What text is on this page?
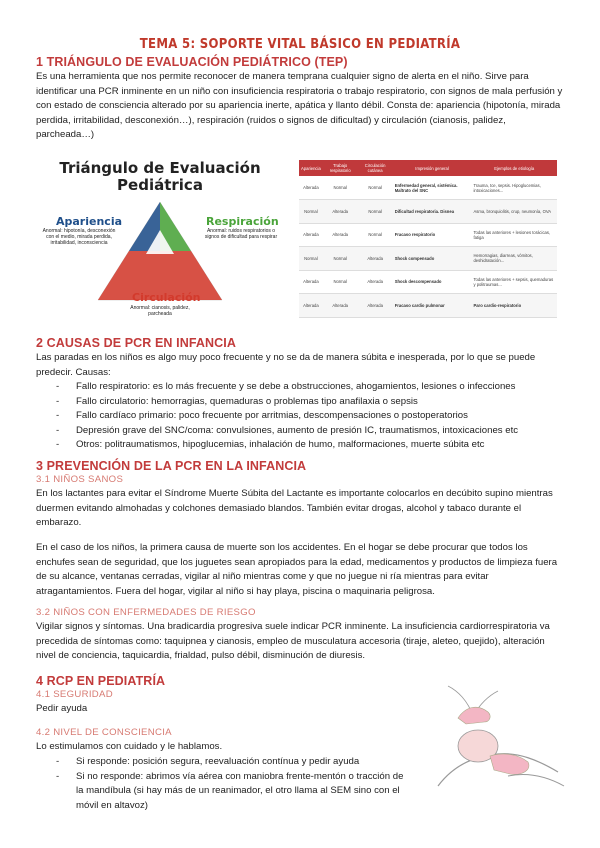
TEMA 5: SOPORTE VITAL BÁSICO EN PEDIATRÍA
1 TRIÁNGULO DE EVALUACIÓN PEDIÁTRICO (TEP)

Es una herramienta que nos permite reconocer de manera temprana cualquier signo de alerta en el niño. Sirve para identificar una PCR inminente en un niño con insuficiencia respiratoria o trabajo respiratorio, con signos de mala perfusión y con estado de consciencia alterado por su apariencia inerte, apática y llanto débil. Consta de: apariencia (hipotonía, mirada perdida, irritabilidad, desconexión…), respiración (ruidos o signos de dificultad) y circulación (cianosis, palidez, parcheada…)

Triángulo de Evaluación
Pediátrica
Apariencia
Anormal: hipotonía, desconexión con el medio, mirada perdida, irritabilidad, inconsciencia
Respiración
Anormal: ruidos respiratorios o signos de dificultad para respirar
Circulación
Anormal: cianosis, palidez, parcheada
Apariencia	Trabajo respiratorio	Circulación cutánea	Impresión general	Ejemplos de etiología
Alterada	Normal	Normal	Enfermedad general, sistémica. Maltrato del SNC	Trauma, tce, sepsis. Hipoglucemias, intoxicaciones...
Normal	Alterada	Normal	Dificultad respiratoria. Disnea	Asma, bronquiolitis, crup, neumonía, OVA
Alterada	Alterada	Normal	Fracaso respiratorio	Todas las anteriores + lesiones torácicas, fatiga
Normal	Normal	Alterada	Shock compensado	Hemorragias, diarreas, vómitos, deshidratación...
Alterada	Normal	Alterada	Shock descompensado	Todas las anteriores + sepsis, quemaduras y politraumas...
Alterada	Alterada	Alterada	Fracaso cardio pulmonar	Paro cardio-respiratorio
2 CAUSAS DE PCR EN INFANCIA

Las paradas en los niños es algo muy poco frecuente y no se da de manera súbita e inesperada, por lo que se puede predecir. Causas:

- Fallo respiratorio: es lo más frecuente y se debe a obstrucciones, ahogamientos, lesiones o infecciones
- Fallo circulatorio: hemorragias, quemaduras o problemas tipo anafilaxia o sepsis
- Fallo cardíaco primario: poco frecuente por arritmias, descompensaciones o postoperatorios
- Depresión grave del SNC/coma: convulsiones, aumento de presión IC, traumatismos, intoxicaciones etc
- Otros: politraumatismos, hipoglucemias, inhalación de humo, malformaciones, muerte súbita etc
3 PREVENCIÓN DE LA PCR EN LA INFANCIA
3.1 NIÑOS SANOS

En los lactantes para evitar el Síndrome Muerte Súbita del Lactante es importante colocarlos en decúbito supino mientras duermen evitando almohadas y colchones demasiado blandos. También evitar drogas, alcohol y tabaco durante el embarazo.

En el caso de los niños, la primera causa de muerte son los accidentes. En el hogar se debe procurar que todos los enchufes sean de seguridad, que los juguetes sean apropiados para la edad, medicamentos y productos de limpieza fuera de su alcance, ventanas cerradas, vigilar al niño mientras come y que no juegue ni ría mientras para evitar atragantamientos. Fuera del hogar, vigilar al niño si hay playa, piscina o maquinaria peligrosa.

3.2 NIÑOS CON ENFERMEDADES DE RIESGO

Vigilar signos y síntomas. Una bradicardia progresiva suele indicar PCR inminente. La insuficiencia cardiorrespiratoria va precedida de síntomas como: taquipnea y cianosis, empleo de musculatura accesoria (tiraje, aleteo, quejido), alteración nivel de conciencia, taquicardia, frialdad, pulso débil, disminución de diuresis.

4 RCP EN PEDIATRÍA
4.1 SEGURIDAD

Pedir ayuda

4.2 NIVEL DE CONSCIENCIA

Lo estimulamos con cuidado y le hablamos.

- Si responde: posición segura, reevaluación contínua y pedir ayuda
- Si no responde: abrimos vía aérea con maniobra frente-mentón o tracción de la mandíbula (si hay más de un reanimador, el otro llama al SEM sino con el móvil en altavoz)
